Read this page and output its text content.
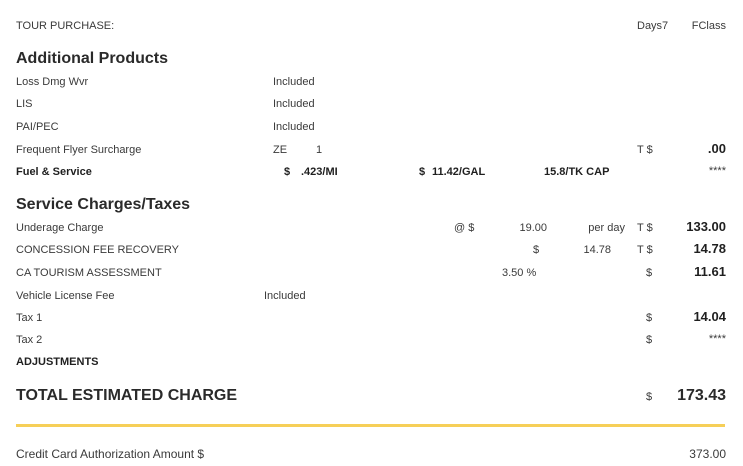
TOUR PURCHASE:	Days7 FClass
Additional Products
Loss Dmg Wvr	Included
LIS	Included
PAI/PEC	Included
Frequent Flyer Surcharge	ZE	1	T $	.00
Fuel & Service	$ .423/MI	$ 11.42/GAL	15.8/TK CAP	****
Service Charges/Taxes
Underage Charge	@ $	19.00	per day T $	133.00
CONCESSION FEE RECOVERY	$	14.78 T $	14.78
CA TOURISM ASSESSMENT	3.50 %	$	11.61
Vehicle License Fee	Included
Tax 1	$	14.04
Tax 2	$	****
ADJUSTMENTS
TOTAL ESTIMATED CHARGE	$ 173.43
Credit Card Authorization Amount $	373.00
